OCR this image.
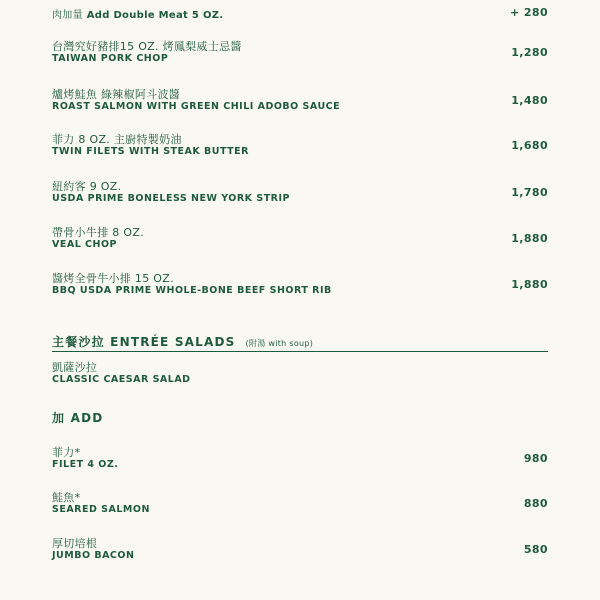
肉加量 Add Double Meat 5 OZ.	+ 280
台灣究好豬排15 OZ. 烤鳳梨威士忌醬
TAIWAN PORK CHOP	1,280
爐烤鮭魚 綠辣椒阿斗波醬
ROAST SALMON WITH GREEN CHILI ADOBO SAUCE	1,480
菲力 8 OZ. 主廚特製奶油
TWIN FILETS WITH STEAK BUTTER	1,680
紐約客 9 OZ.
USDA PRIME BONELESS NEW YORK STRIP	1,780
帶骨小牛排 8 OZ.
VEAL CHOP	1,880
醬烤全骨牛小排 15 OZ.
BBQ USDA PRIME WHOLE-BONE BEEF SHORT RIB	1,880
主餐沙拉 ENTRÉE SALADS (附湯 with soup)
凱薩沙拉
CLASSIC CAESAR SALAD
加 ADD
菲力*
FILET 4 OZ.	980
鮭魚*
SEARED SALMON	880
厚切培根
JUMBO BACON	580
